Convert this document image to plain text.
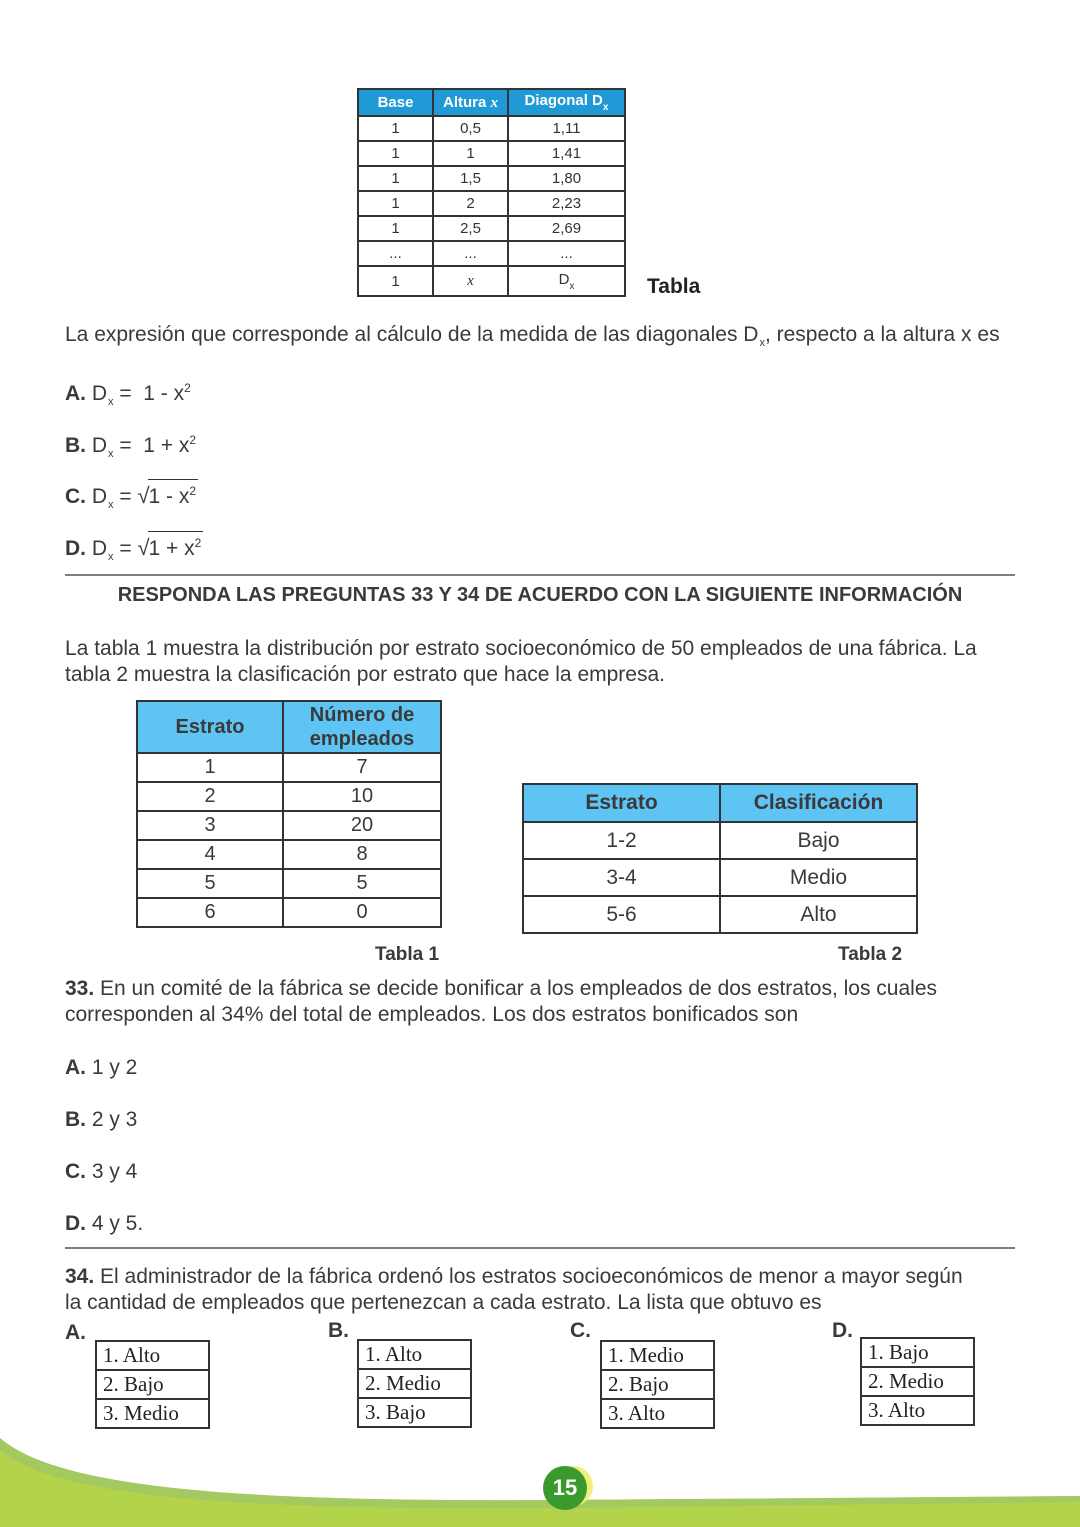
Base	Altura x	Diagonal $D_x$
1	0,5	1,11
1	1	1,41
1	1,5	1,80
1	2	2,23
1	2,5	2,69
...	...	...
1	x	$D_x$	Tabla
La expresión que corresponde al cálculo de la medida de las diagonales $D_x$, respecto a la altura x es
A. $D_x = 1 - x^2$
B. $D_x = 1 + x^2$
C. $D_x = √1 - x^2$
D. $D_x = √1 + x^2$
RESPONDA LAS PREGUNTAS 33 Y 34 DE ACUERDO CON LA SIGUIENTE INFORMACIÓN
La tabla 1 muestra la distribución por estrato socioeconómico de 50 empleados de una fábrica. La
tabla 2 muestra la clasificación por estrato que hace la empresa.
Estrato	Número de
empleados
1	7
2	10
3	20
4	8
5	5
6	0
Tabla 1
Estrato	Clasificación
1-2	Bajo
3-4	Medio
5-6	Alto
Tabla 2
33. En un comité de la fábrica se decide bonificar a los empleados de dos estratos, los cuales
corresponden al 34% del total de empleados. Los dos estratos bonificados son
A. 1 y 2
B. 2 y 3
C. 3 y 4
D. 4 y 5.
34. El administrador de la fábrica ordenó los estratos socioeconómicos de menor a mayor según
la cantidad de empleados que pertenezcan a cada estrato. La lista que obtuvo es
A.
1. Alto
2. Bajo
3. Medio
B.
1. Alto
2. Medio
3. Bajo
C.
1. Medio
2. Bajo
3. Alto
D.
1. Bajo
2. Medio
3. Alto
15
